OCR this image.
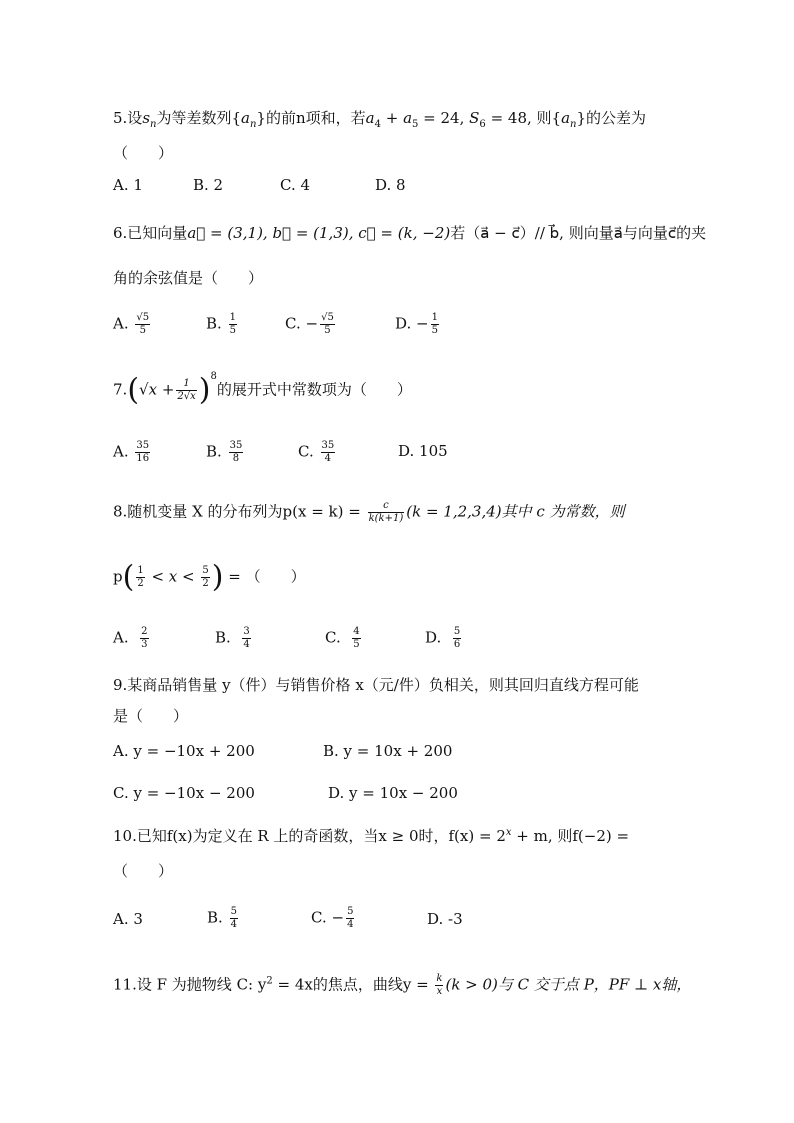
5.设$s_n$为等差数列$\{a_n\}$的前n项和，若$a_4 + a_5 = 24$, $S_6 = 48$, 则$\{a_n\}$的公差为
（　　）
A. 1	B. 2	C. 4	D. 8
6.已知向量a⃗ = (3,1), b⃗ = (1,3), c⃗ = (k, −2)若（a⃗ − c⃗）// b⃗, 则向量a⃗与向量c⃗的夹
角的余弦值是（　　）
A. $\frac{√5}{5}$	B. $\frac{1}{5}$	C. − $\frac{√5}{5}$	D. − $\frac{1}{5}$
$7.(√x + \frac{1}{2√x} )^8$的展开式中常数项为（　　）
A. $\frac{35}{16}$	B. $\frac{35}{8}$	C. $\frac{35}{4}$	D. 105
8.随机变量 X 的分布列为$p(x = k) = \frac{c}{k(k+1)} (k = 1,2,3,4)$其中 c 为常数，则
$p( \frac{1}{2} < x < \frac{5}{2}$ ) = （　　）
A. $\frac{2}{3}$	B. $\frac{3}{4}$	C. $\frac{4}{5}$	D. $\frac{5}{6}$
9.某商品销售量 y（件）与销售价格 x（元/件）负相关，则其回归直线方程可能
是（　　）
A. y = −10x + 200	B. y = 10x + 200
C. y = −10x − 200	D. y = 10x − 200
10.已知f(x)为定义在 R 上的奇函数，当x ≥ 0时，$f(x) = 2^x + m$, 则f(−2) =
（　　）
A. 3	B. $\frac{5}{4}$	C. − $\frac{5}{4}$	D. -3
11.设 F 为抛物线 C: $y^2 = 4x$的焦点，曲线$y = \frac{k}{x} (k > 0)$与 C 交于点 P，PF ⊥ x轴，
